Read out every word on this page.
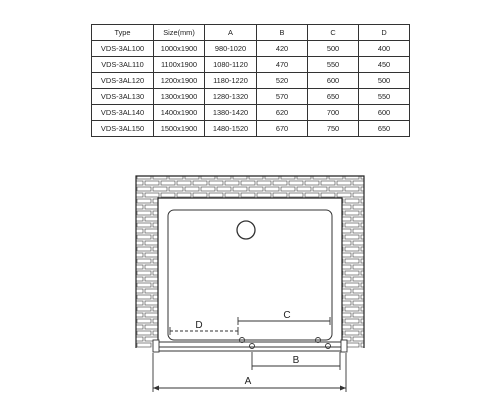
Type	Size(mm)	A	B	C	D
VDS-3AL100	1000x1900	980-1020	420	500	400
VDS-3AL110	1100x1900	1080-1120	470	550	450
VDS-3AL120	1200x1900	1180-1220	520	600	500
VDS-3AL130	1300x1900	1280-1320	570	650	550
VDS-3AL140	1400x1900	1380-1420	620	700	600
VDS-3AL150	1500x1900	1480-1520	670	750	650
D
C
B
A
